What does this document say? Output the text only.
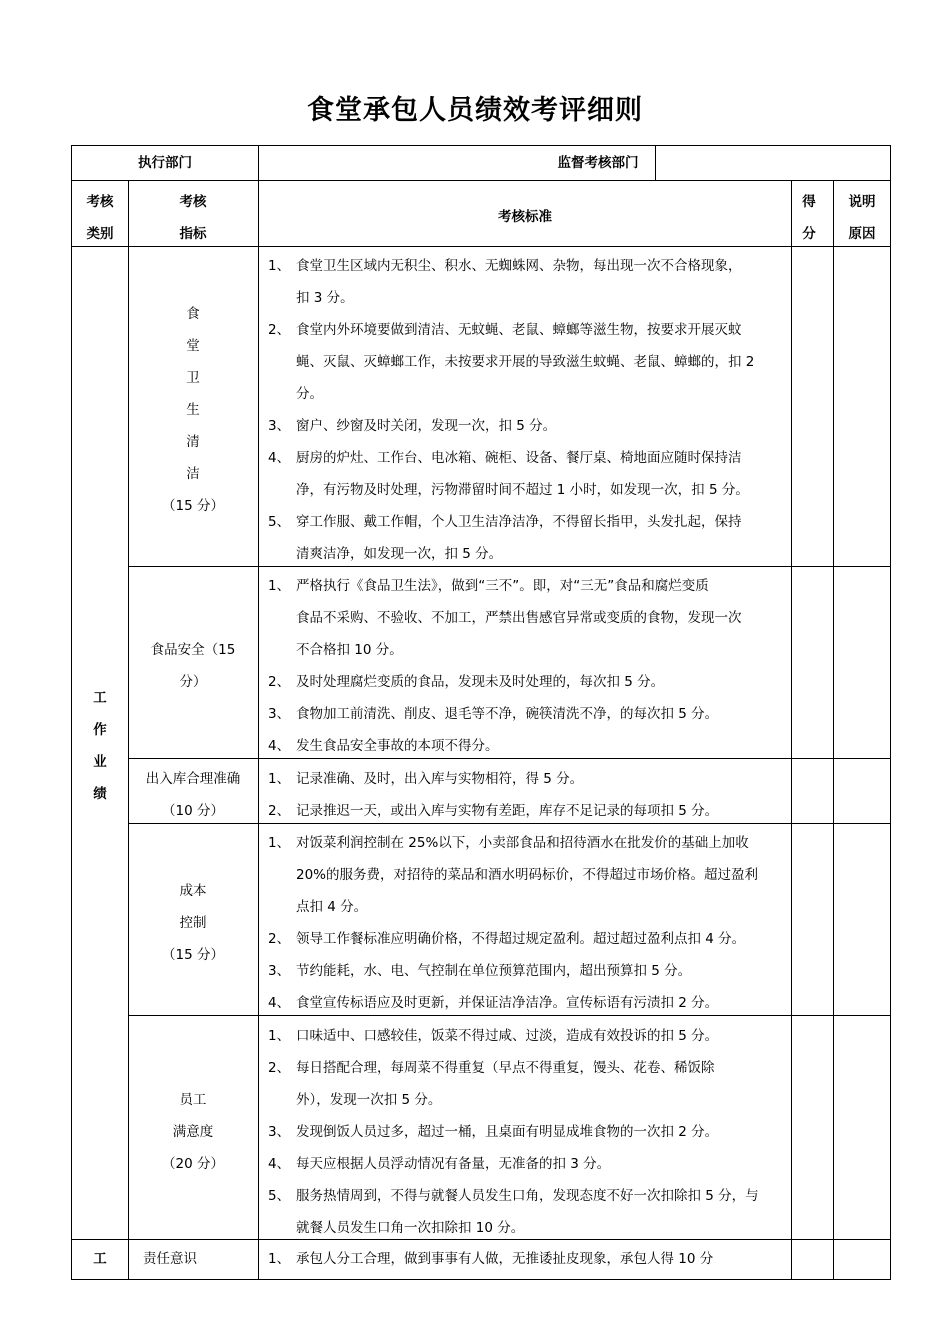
食堂承包人员绩效考评细则
执行部门	监督考核部门
考核
类别
考核
指标
考核标准
得
分
说明
原因
工
作
业
绩
工
食
堂
卫
生
清
洁
（15 分）
食品安全（15
分）
出入库合理准确
（10 分）
成本
控制
（15 分）
员工
满意度
（20 分）
责任意识
1、 食堂卫生区域内无积尘、积水、无蜘蛛网、杂物，每出现一次不合格现象，
扣 3 分。
2、 食堂内外环境要做到清洁、无蚊蝇、老鼠、蟑螂等滋生物，按要求开展灭蚊
蝇、灭鼠、灭蟑螂工作，未按要求开展的导致滋生蚊蝇、老鼠、蟑螂的，扣 2
分。
3、 窗户、纱窗及时关闭，发现一次，扣 5 分。
4、 厨房的炉灶、工作台、电冰箱、碗柜、设备、餐厅桌、椅地面应随时保持洁
净，有污物及时处理，污物滞留时间不超过 1 小时，如发现一次，扣 5 分。
5、 穿工作服、戴工作帽，个人卫生洁净洁净，不得留长指甲，头发扎起，保持
清爽洁净，如发现一次，扣 5 分。
1、 严格执行《食品卫生法》，做到“三不”。即，对“三无”食品和腐烂变质
食品不采购、不验收、不加工，严禁出售感官异常或变质的食物，发现一次
不合格扣 10 分。
2、 及时处理腐烂变质的食品，发现未及时处理的，每次扣 5 分。
3、 食物加工前清洗、削皮、退毛等不净，碗筷清洗不净，的每次扣 5 分。
4、 发生食品安全事故的本项不得分。
1、 记录准确、及时，出入库与实物相符，得 5 分。
2、 记录推迟一天，或出入库与实物有差距，库存不足记录的每项扣 5 分。
1、 对饭菜利润控制在 25%以下，小卖部食品和招待酒水在批发价的基础上加收
20%的服务费，对招待的菜品和酒水明码标价，不得超过市场价格。超过盈利
点扣 4 分。
2、 领导工作餐标准应明确价格，不得超过规定盈利。超过超过盈利点扣 4 分。
3、 节约能耗，水、电、气控制在单位预算范围内，超出预算扣 5 分。
4、 食堂宣传标语应及时更新，并保证洁净洁净。宣传标语有污渍扣 2 分。
1、 口味适中、口感较佳，饭菜不得过咸、过淡，造成有效投诉的扣 5 分。
2、 每日搭配合理，每周菜不得重复（早点不得重复，馒头、花卷、稀饭除
外），发现一次扣 5 分。
3、 发现倒饭人员过多，超过一桶，且桌面有明显成堆食物的一次扣 2 分。
4、 每天应根据人员浮动情况有备量，无准备的扣 3 分。
5、 服务热情周到，不得与就餐人员发生口角，发现态度不好一次扣除扣 5 分，与
就餐人员发生口角一次扣除扣 10 分。
1、 承包人分工合理，做到事事有人做，无推诿扯皮现象，承包人得 10 分
